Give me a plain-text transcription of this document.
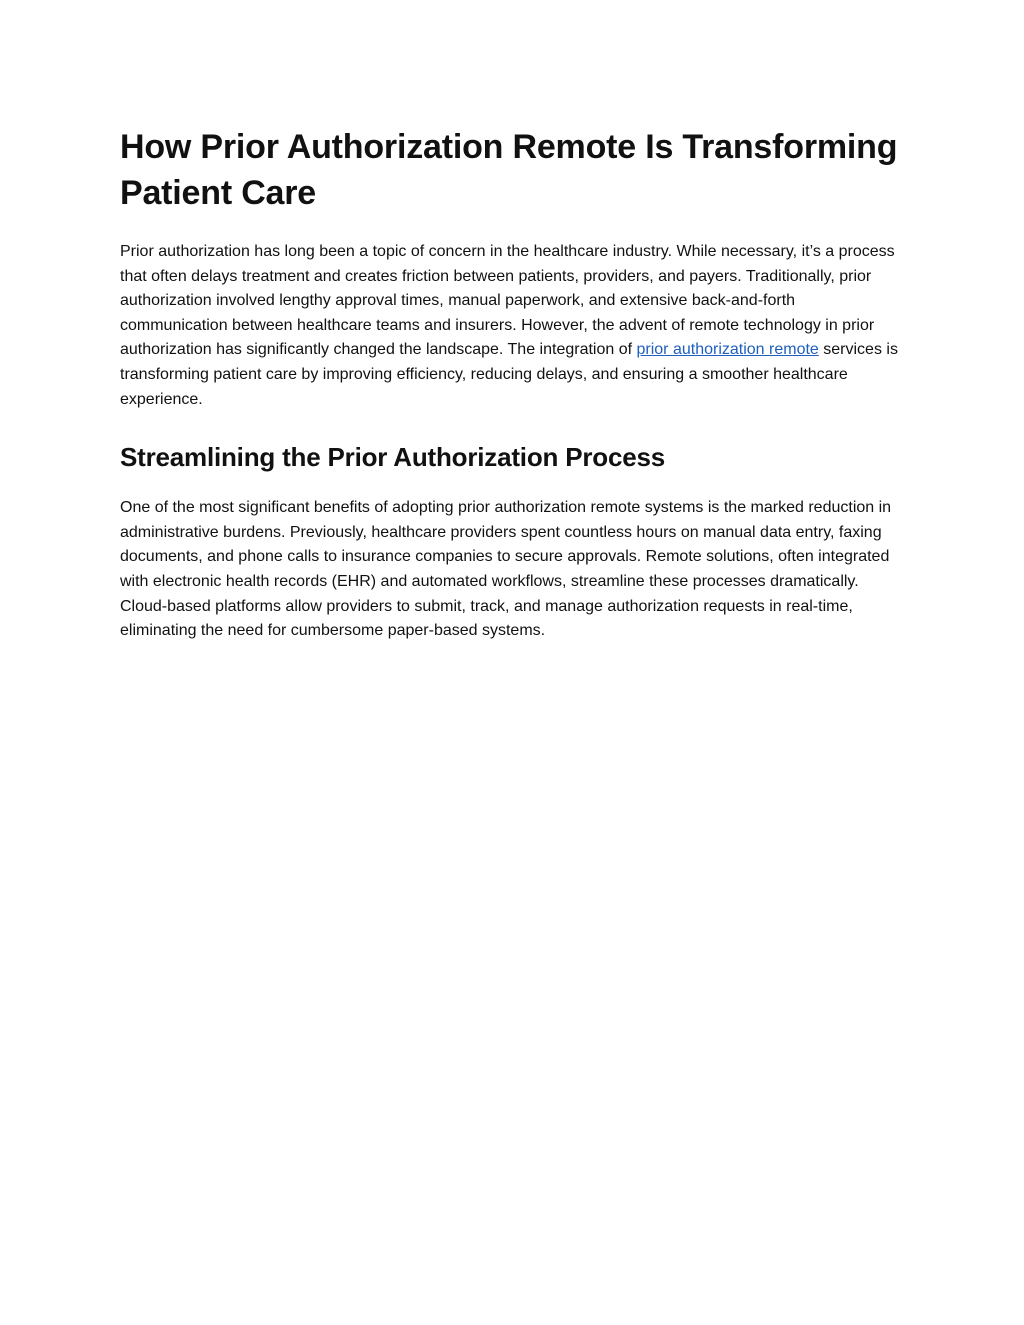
How Prior Authorization Remote Is Transforming Patient Care

Prior authorization has long been a topic of concern in the healthcare industry. While necessary, it’s a process that often delays treatment and creates friction between patients, providers, and payers. Traditionally, prior authorization involved lengthy approval times, manual paperwork, and extensive back-and-forth communication between healthcare teams and insurers. However, the advent of remote technology in prior authorization has significantly changed the landscape. The integration of prior authorization remote services is transforming patient care by improving efficiency, reducing delays, and ensuring a smoother healthcare experience.

Streamlining the Prior Authorization Process

One of the most significant benefits of adopting prior authorization remote systems is the marked reduction in administrative burdens. Previously, healthcare providers spent countless hours on manual data entry, faxing documents, and phone calls to insurance companies to secure approvals. Remote solutions, often integrated with electronic health records (EHR) and automated workflows, streamline these processes dramatically. Cloud-based platforms allow providers to submit, track, and manage authorization requests in real-time, eliminating the need for cumbersome paper-based systems.
